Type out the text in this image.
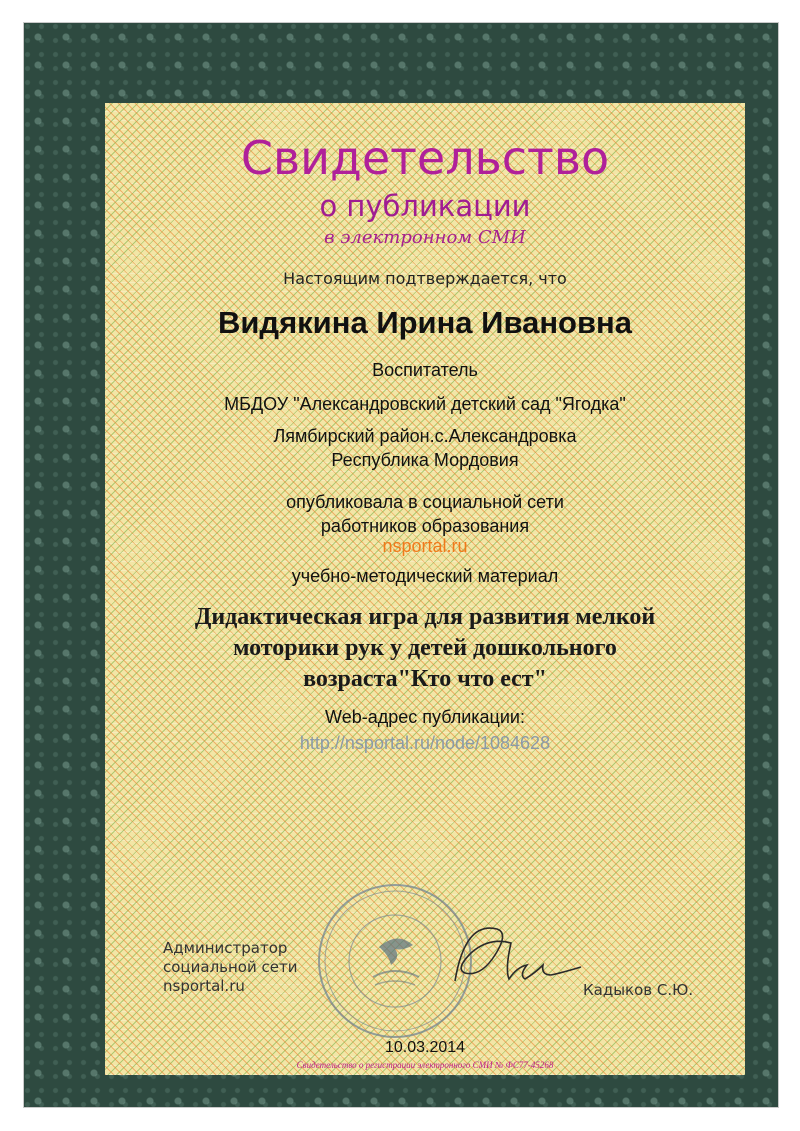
Свидетельство
о публикации
в электронном СМИ
Настоящим подтверждается, что
Видякина Ирина Ивановна
Воспитатель
МБДОУ "Александровский детский сад "Ягодка"
Лямбирский район.с.Александровка
Республика Мордовия
опубликовала в социальной сети
работников образования
nsportal.ru
учебно-методический материал
Дидактическая игра для развития мелкой
моторики рук у детей дошкольного
возраста"Кто что ест"
Web-адрес публикации:
http://nsportal.ru/node/1084628
Администратор
социальной сети
nsportal.ru	Кадыков С.Ю.
10.03.2014
Свидетельство о регистрации электронного СМИ № ФС77-45268
